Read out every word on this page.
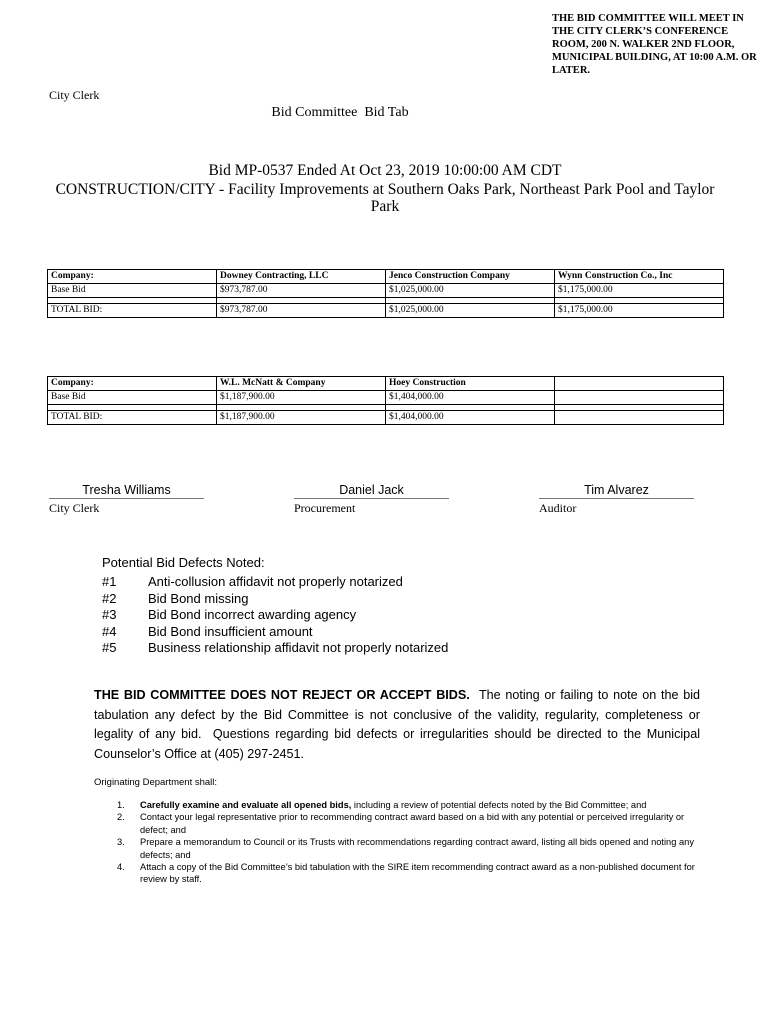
THE BID COMMITTEE WILL MEET IN THE CITY CLERK’S CONFERENCE ROOM, 200 N. WALKER 2ND FLOOR, MUNICIPAL BUILDING, AT 10:00 A.M. OR LATER.
City Clerk
Bid Committee  Bid Tab
Bid MP-0537 Ended At Oct 23, 2019 10:00:00 AM CDT
CONSTRUCTION/CITY - Facility Improvements at Southern Oaks Park, Northeast Park Pool and Taylor Park
Company:	Downey Contracting, LLC	Jenco Construction Company	Wynn Construction Co., Inc
Base Bid	$973,787.00	$1,025,000.00	$1,175,000.00

TOTAL BID:	$973,787.00	$1,025,000.00	$1,175,000.00
Company:	W.L. McNatt & Company	Hoey Construction	
Base Bid	$1,187,900.00	$1,404,000.00	

TOTAL BID:	$1,187,900.00	$1,404,000.00	
Tresha Williams
City Clerk
Daniel Jack
Procurement
Tim Alvarez
Auditor
Potential Bid Defects Noted:
#1 Anti-collusion affidavit not properly notarized
#2 Bid Bond missing
#3 Bid Bond incorrect awarding agency
#4 Bid Bond insufficient amount
#5 Business relationship affidavit not properly notarized
THE BID COMMITTEE DOES NOT REJECT OR ACCEPT BIDS.  The noting or failing to note on the bid tabulation any defect by the Bid Committee is not conclusive of the validity, regularity, completeness or legality of any bid.  Questions regarding bid defects or irregularities should be directed to the Municipal Counselor’s Office at (405) 297-2451.
Originating Department shall:
1. Carefully examine and evaluate all opened bids, including a review of potential defects noted by the Bid Committee; and
2. Contact your legal representative prior to recommending contract award based on a bid with any potential or perceived irregularity or defect; and
3. Prepare a memorandum to Council or its Trusts with recommendations regarding contract award, listing all bids opened and noting any defects; and
4. Attach a copy of the Bid Committee’s bid tabulation with the SIRE item recommending contract award as a non-published document for review by staff.
